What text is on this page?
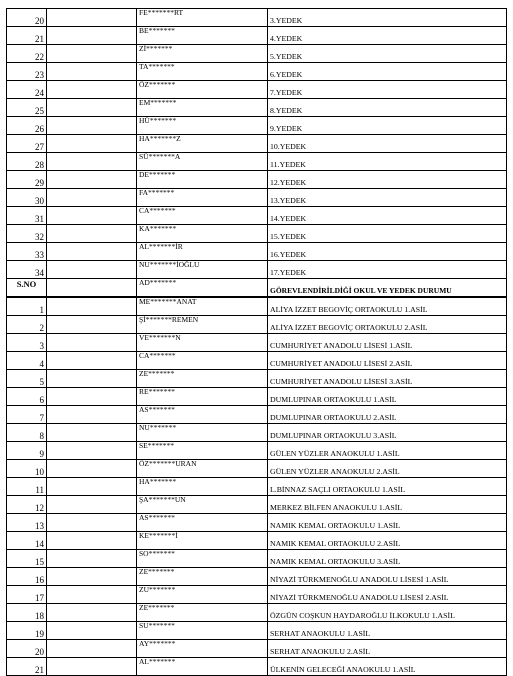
20		FE*******RT	3.YEDEK
21		BE*******	4.YEDEK
22		Zİ*******	5.YEDEK
23		TA*******	6.YEDEK
24		ÖZ*******	7.YEDEK
25		EM*******	8.YEDEK
26		HÜ*******	9.YEDEK
27		HA*******Z	10.YEDEK
28		SÜ*******A	11.YEDEK
29		DE*******	12.YEDEK
30		FA*******	13.YEDEK
31		CA*******	14.YEDEK
32		KA*******	15.YEDEK
33		AL*******İR	16.YEDEK
34		NU*******İOĞLU	17.YEDEK
S.NO		AD*******	GÖREVLENDİRİLDİĞİ OKUL VE YEDEK DURUMU
1		ME*******ANAT	ALİYA İZZET BEGOVİÇ ORTAOKULU 1.ASİL
2		Şİ*******REMEN	ALİYA İZZET BEGOVİÇ ORTAOKULU 2.ASİL
3		VE*******N	CUMHURİYET ANADOLU LİSESİ 1.ASİL
4		CA*******	CUMHURİYET ANADOLU LİSESİ 2.ASİL
5		ZE*******	CUMHURİYET ANADOLU LİSESİ 3.ASİL
6		RE*******	DUMLUPINAR ORTAOKULU 1.ASİL
7		AS*******	DUMLUPINAR ORTAOKULU 2.ASİL
8		NU*******	DUMLUPINAR ORTAOKULU 3.ASİL
9		SE*******	GÜLEN YÜZLER ANAOKULU 1.ASİL
10		ÖZ*******URAN	GÜLEN YÜZLER ANAOKULU 2.ASİL
11		HA*******	L.BİNNAZ SAÇLI ORTAOKULU 1.ASİL
12		ŞA*******UN	MERKEZ BİLFEN ANAOKULU 1.ASİL
13		AS*******	NAMIK KEMAL ORTAOKULU 1.ASİL
14		KE*******İ	NAMIK KEMAL ORTAOKULU 2.ASİL
15		SO*******	NAMIK KEMAL ORTAOKULU 3.ASİL
16		ZE*******	NİYAZİ TÜRKMENOĞLU ANADOLU LİSESİ 1.ASİL
17		ZU*******	NİYAZİ TÜRKMENOĞLU ANADOLU LİSESİ 2.ASİL
18		ZE*******	ÖZGÜN COŞKUN HAYDAROĞLU İLKOKULU 1.ASİL
19		SU*******	SERHAT ANAOKULU 1.ASİL
20		AY*******	SERHAT ANAOKULU 2.ASİL
21		AL*******	ÜLKENİN GELECEĞİ ANAOKULU 1.ASİL
